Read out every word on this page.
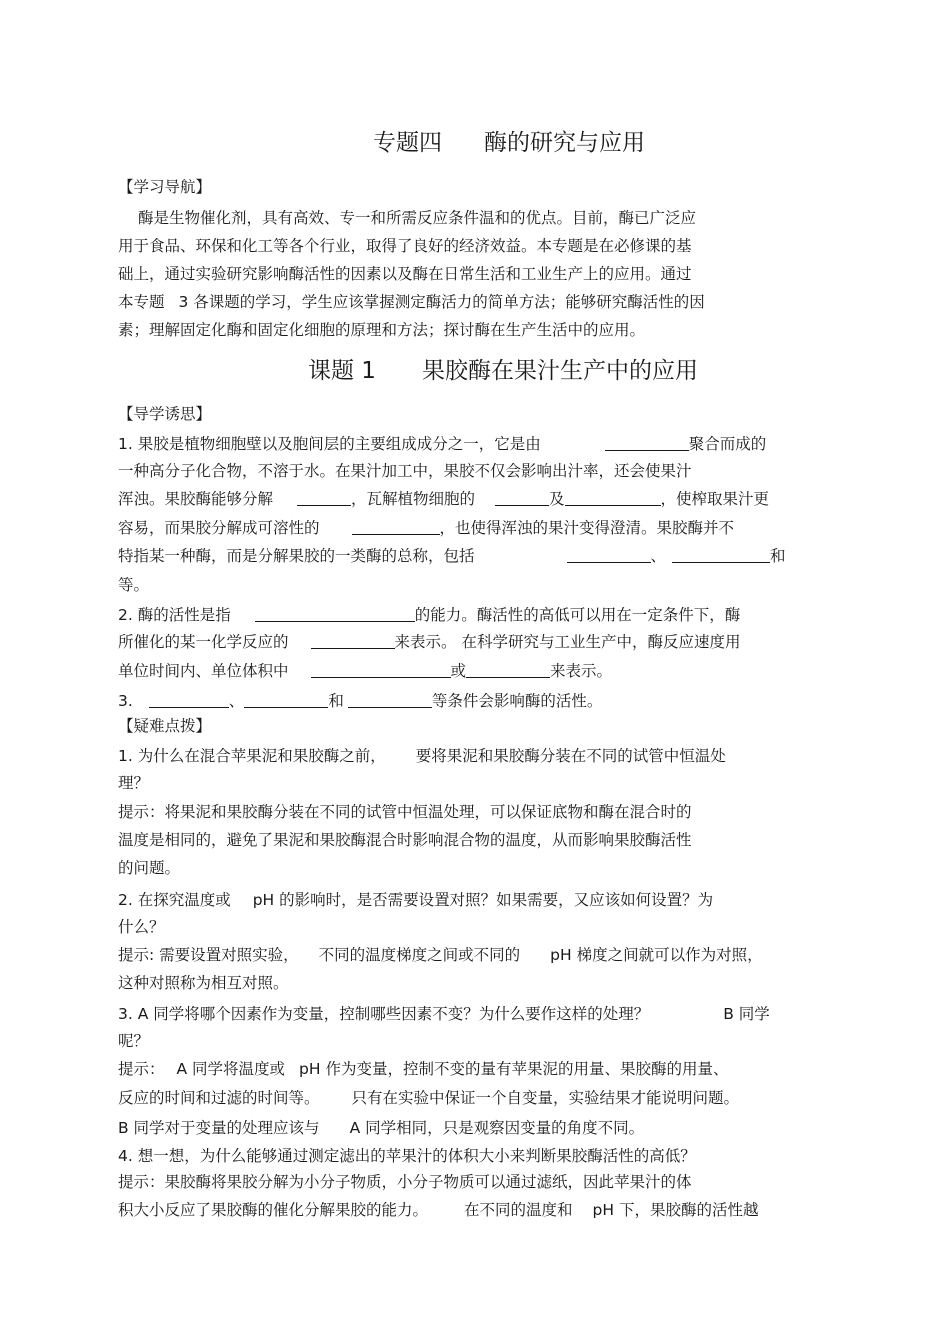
专题四 酶的研究与应用
【学习导航】
酶是生物催化剂，具有高效、专一和所需反应条件温和的优点。目前，酶已广泛应
用于食品、环保和化工等各个行业，取得了良好的经济效益。本专题是在必修课的基
础上，通过实验研究影响酶活性的因素以及酶在日常生活和工业生产上的应用。通过
本专题 3 各课题的学习，学生应该掌握测定酶活力的简单方法；能够研究酶活性的因
素；理解固定化酶和固定化细胞的原理和方法；探讨酶在生产生活中的应用。
课题 1 果胶酶在果汁生产中的应用
【导学诱思】
1. 果胶是植物细胞壁以及胞间层的主要组成成分之一，它是由	聚合而成的
一种高分子化合物，不溶于水。在果汁加工中，果胶不仅会影响出汁率，还会使果汁
浑浊。果胶酶能够分解	，瓦解植物细胞的	及	，使榨取果汁更
容易，而果胶分解成可溶性的	，也使得浑浊的果汁变得澄清。果胶酶并不
特指某一种酶，而是分解果胶的一类酶的总称，包括	、	和
等。
2. 酶的活性是指	的能力。酶活性的高低可以用在一定条件下，酶
所催化的某一化学反应的	来表示。 在科学研究与工业生产中，酶反应速度用
单位时间内、单位体积中	或	来表示。
3.	、	和	等条件会影响酶的活性。
【疑难点拨】
1. 为什么在混合苹果泥和果胶酶之前， 要将果泥和果胶酶分装在不同的试管中恒温处
理？
提示：将果泥和果胶酶分装在不同的试管中恒温处理，可以保证底物和酶在混合时的
温度是相同的，避免了果泥和果胶酶混合时影响混合物的温度，从而影响果胶酶活性
的问题。
2. 在探究温度或 pH 的影响时，是否需要设置对照？如果需要，又应该如何设置？为
什么？
提示: 需要设置对照实验， 不同的温度梯度之间或不同的 pH 梯度之间就可以作为对照，
这种对照称为相互对照。
3. A 同学将哪个因素作为变量，控制哪些因素不变？为什么要作这样的处理？	B 同学
呢？
提示： A 同学将温度或 pH 作为变量，控制不变的量有苹果泥的用量、果胶酶的用量、
反应的时间和过滤的时间等。 只有在实验中保证一个自变量，实验结果才能说明问题。
B 同学对于变量的处理应该与 A 同学相同，只是观察因变量的角度不同。
4. 想一想，为什么能够通过测定滤出的苹果汁的体积大小来判断果胶酶活性的高低？
提示：果胶酶将果胶分解为小分子物质，小分子物质可以通过滤纸，因此苹果汁的体
积大小反应了果胶酶的催化分解果胶的能力。 在不同的温度和 pH 下，果胶酶的活性越
